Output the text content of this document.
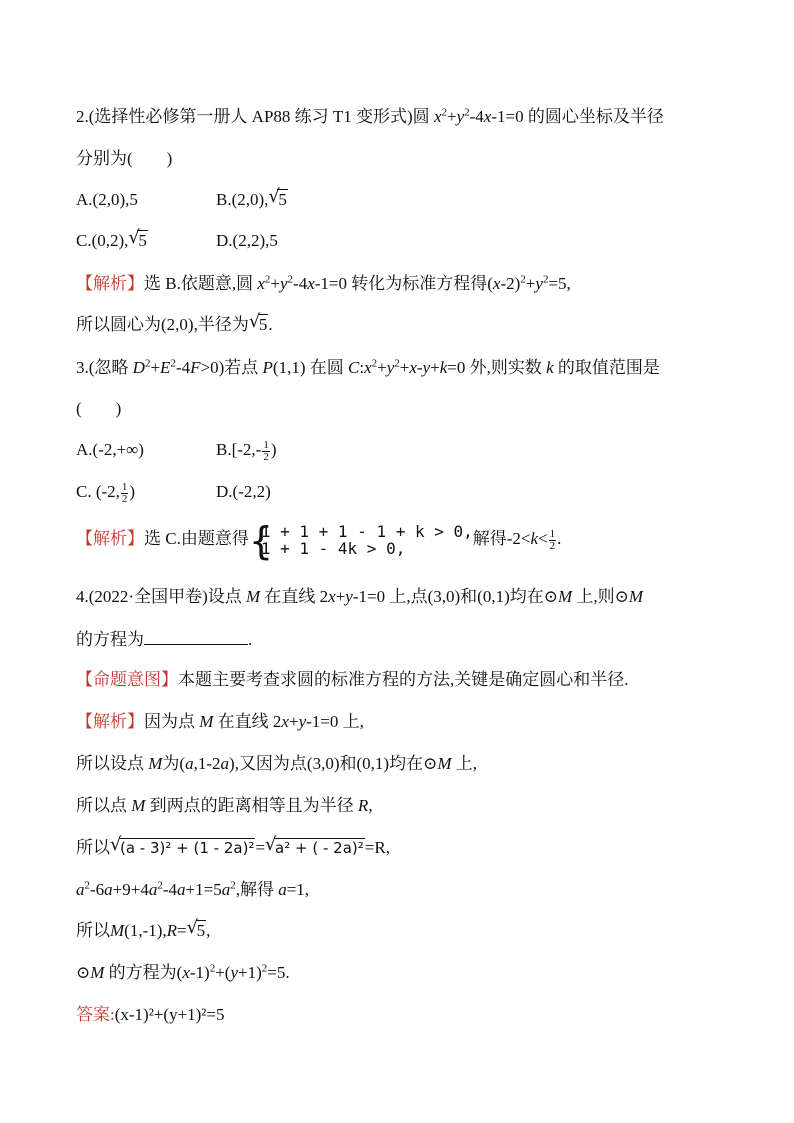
2.(选择性必修第一册人 AP88 练习 T1 变形式)圆 $x^2+y^2-4x-1=0$ 的圆心坐标及半径
分别为(　　)
A.(2,0),5	B.(2,0), √ 5
C.(0,2), √ 5	D.(2,2),5
【解析】选 B.依题意,圆 $x^2+y^2-4x-1=0$ 转化为标准方程得$(x-2)^2+y^2=5$,
所以圆心为(2,0),半径为 √ 5.
3.(忽略 $D^2+E^2-4F>0$)若点 P(1,1) 在圆 $C:x^2+y^2+x-y+k=0$ 外,则实数 k 的取值范围是
(　　)
A.(-2,+∞)	$B.[-2,- \frac{1}{2}$ )
C. (-2, $\frac{1}{2}$ )	D.(-2,2)
【解析】选 C.由题意得 {
1 + 1 + 1 - 1 + k > 0,
1 + 1 - 4k > 0,
解得$-2<k< \frac{1}{2}$ .
4.(2022·全国甲卷)设点 M 在直线 2x+y-1=0 上,点(3,0)和(0,1)均在⊙M 上,则⊙M
的方程为	.
【命题意图】本题主要考查求圆的标准方程的方法,关键是确定圆心和半径.
【解析】因为点 M 在直线 2x+y-1=0 上,
所以设点 M为(a,1-2a),又因为点(3,0)和(0,1)均在⊙M 上,
所以点 M 到两点的距离相等且为半径 R,
所以 √ (a - 3)² + (1 - 2a)²= √ a² + ( - 2a)²=R,
$a^2-6a+9+4a^2-4a+1=5a^2$,解得 a=1,
所以M(1,-1),R= √ 5,
⊙M 的方程为$(x-1)^2+(y+1)^2=5$.
答案:(x-1)²+(y+1)²=5
